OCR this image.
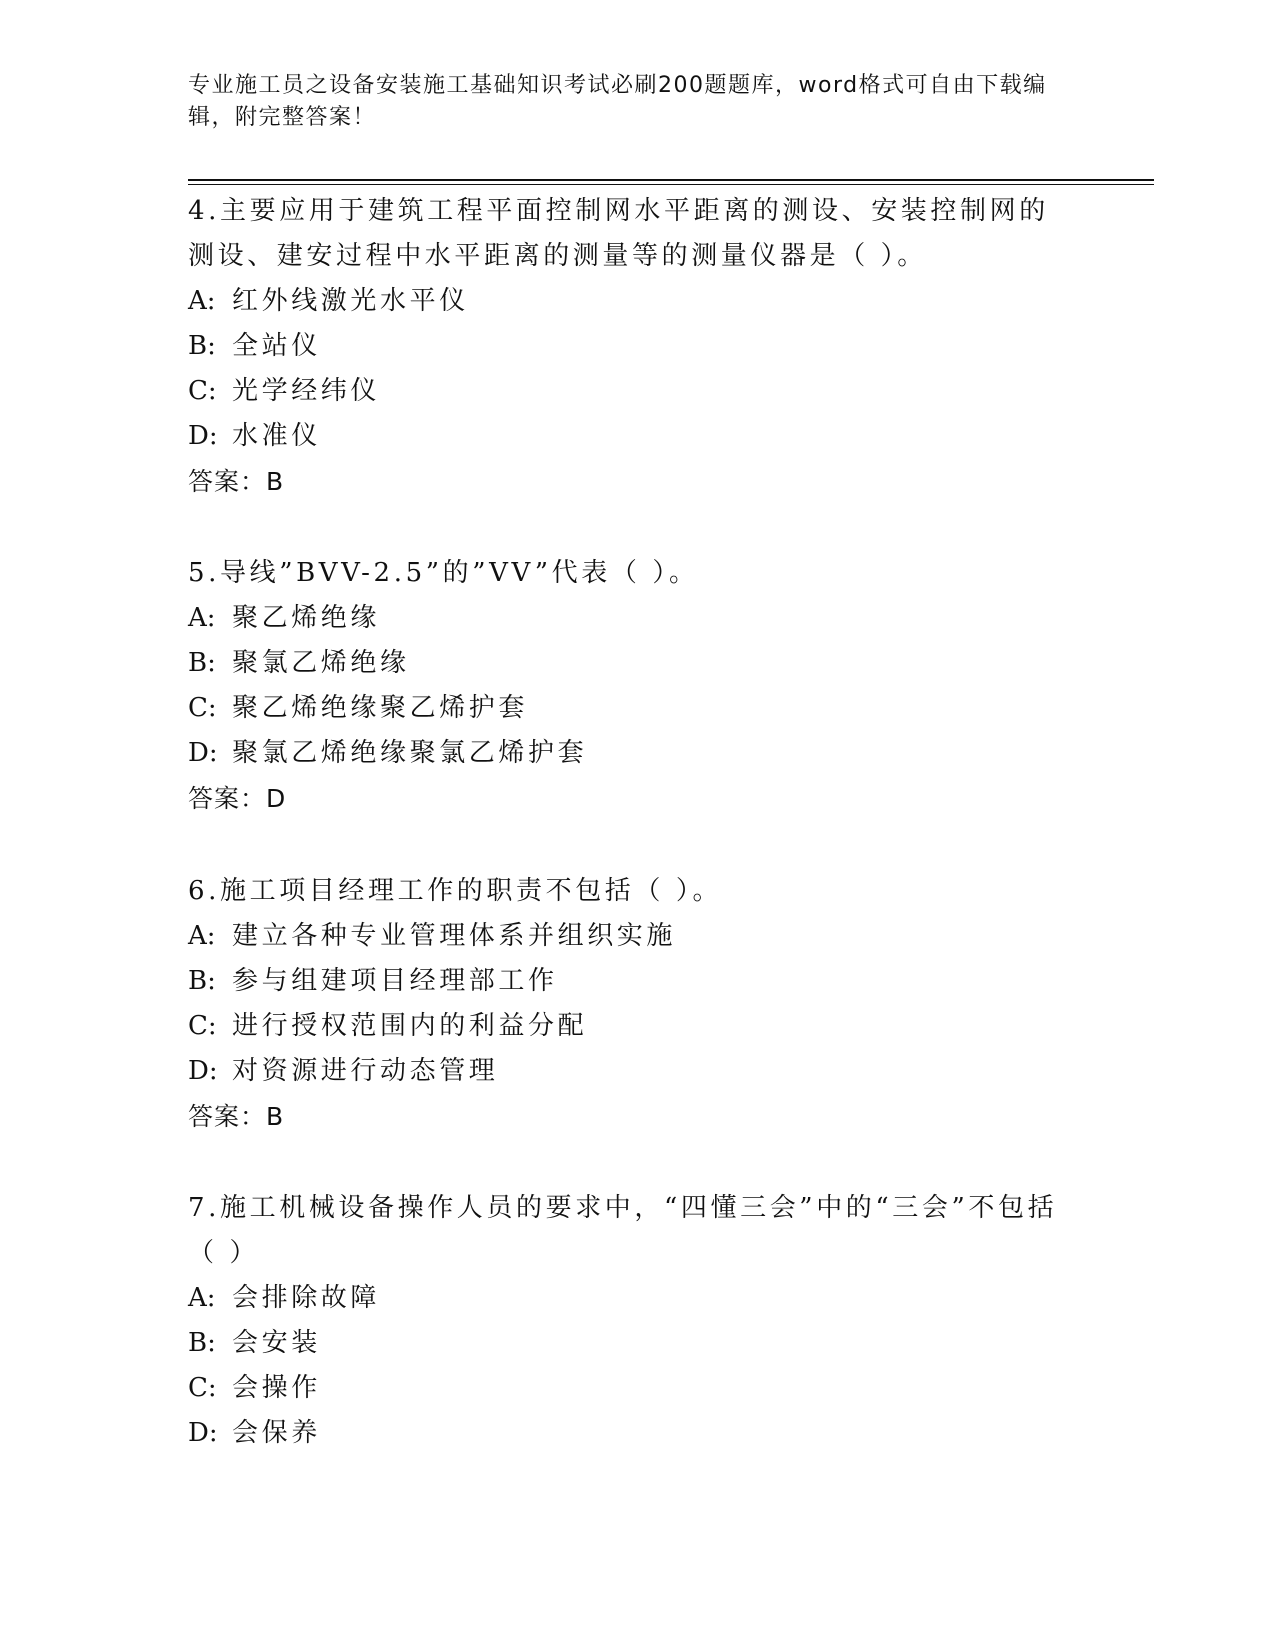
专业施工员之设备安装施工基础知识考试必刷200题题库，word格式可自由下载编辑，附完整答案！

4.主要应用于建筑工程平面控制网水平距离的测设、安装控制网的测设、建安过程中水平距离的测量等的测量仪器是（ ）。

A: 红外线激光水平仪

B: 全站仪

C: 光学经纬仪

D: 水准仪

答案：B

5.导线”BVV-2.5”的”VV”代表（ ）。

A: 聚乙烯绝缘

B: 聚氯乙烯绝缘

C: 聚乙烯绝缘聚乙烯护套

D: 聚氯乙烯绝缘聚氯乙烯护套

答案：D

6.施工项目经理工作的职责不包括（ ）。

A: 建立各种专业管理体系并组织实施

B: 参与组建项目经理部工作

C: 进行授权范围内的利益分配

D: 对资源进行动态管理

答案：B

7.施工机械设备操作人员的要求中，“四懂三会”中的“三会”不包括（ ）

A: 会排除故障

B: 会安装

C: 会操作

D: 会保养
